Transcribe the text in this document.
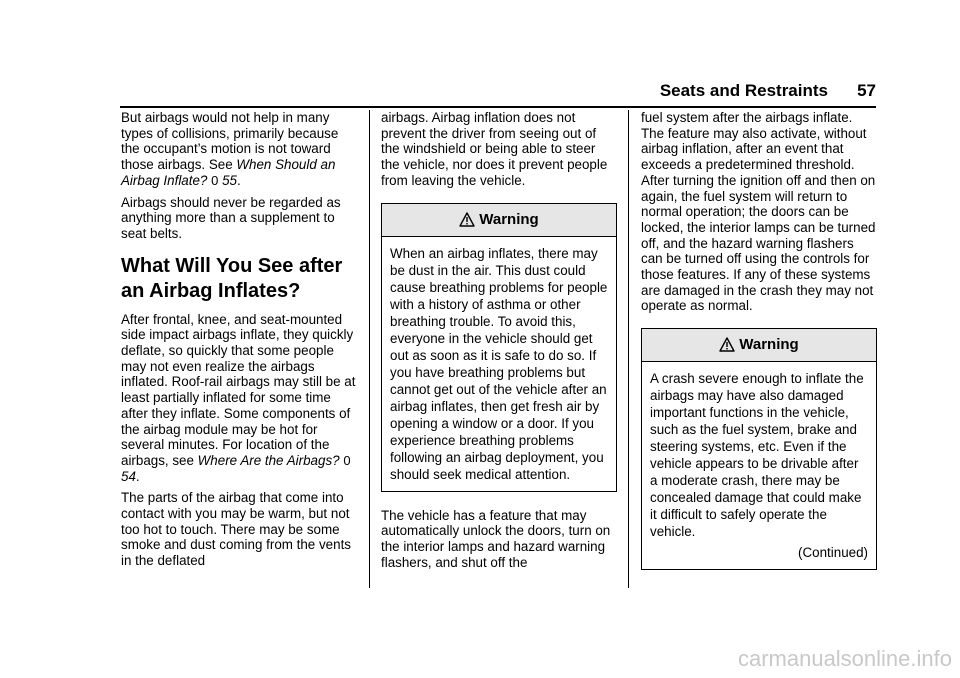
Seats and Restraints 57

But airbags would not help in many types of collisions, primarily because the occupant’s motion is not toward those airbags. See When Should an Airbag Inflate? 0 55.

Airbags should never be regarded as anything more than a supplement to seat belts.

What Will You See after an Airbag Inflates?

After frontal, knee, and seat-mounted side impact airbags inflate, they quickly deflate, so quickly that some people may not even realize the airbags inflated. Roof-rail airbags may still be at least partially inflated for some time after they inflate. Some components of the airbag module may be hot for several minutes. For location of the airbags, see Where Are the Airbags? 0 54.

The parts of the airbag that come into contact with you may be warm, but not too hot to touch. There may be some smoke and dust coming from the vents in the deflated

airbags. Airbag inflation does not prevent the driver from seeing out of the windshield or being able to steer the vehicle, nor does it prevent people from leaving the vehicle.

Warning
When an airbag inflates, there may be dust in the air. This dust could cause breathing problems for people with a history of asthma or other breathing trouble. To avoid this, everyone in the vehicle should get out as soon as it is safe to do so. If you have breathing problems but cannot get out of the vehicle after an airbag inflates, then get fresh air by opening a window or a door. If you experience breathing problems following an airbag deployment, you should seek medical attention.

The vehicle has a feature that may automatically unlock the doors, turn on the interior lamps and hazard warning flashers, and shut off the

fuel system after the airbags inflate. The feature may also activate, without airbag inflation, after an event that exceeds a predetermined threshold. After turning the ignition off and then on again, the fuel system will return to normal operation; the doors can be locked, the interior lamps can be turned off, and the hazard warning flashers can be turned off using the controls for those features. If any of these systems are damaged in the crash they may not operate as normal.

Warning
A crash severe enough to inflate the airbags may have also damaged important functions in the vehicle, such as the fuel system, brake and steering systems, etc. Even if the vehicle appears to be drivable after a moderate crash, there may be concealed damage that could make it difficult to safely operate the vehicle.
(Continued)
carmanualsonline.info
